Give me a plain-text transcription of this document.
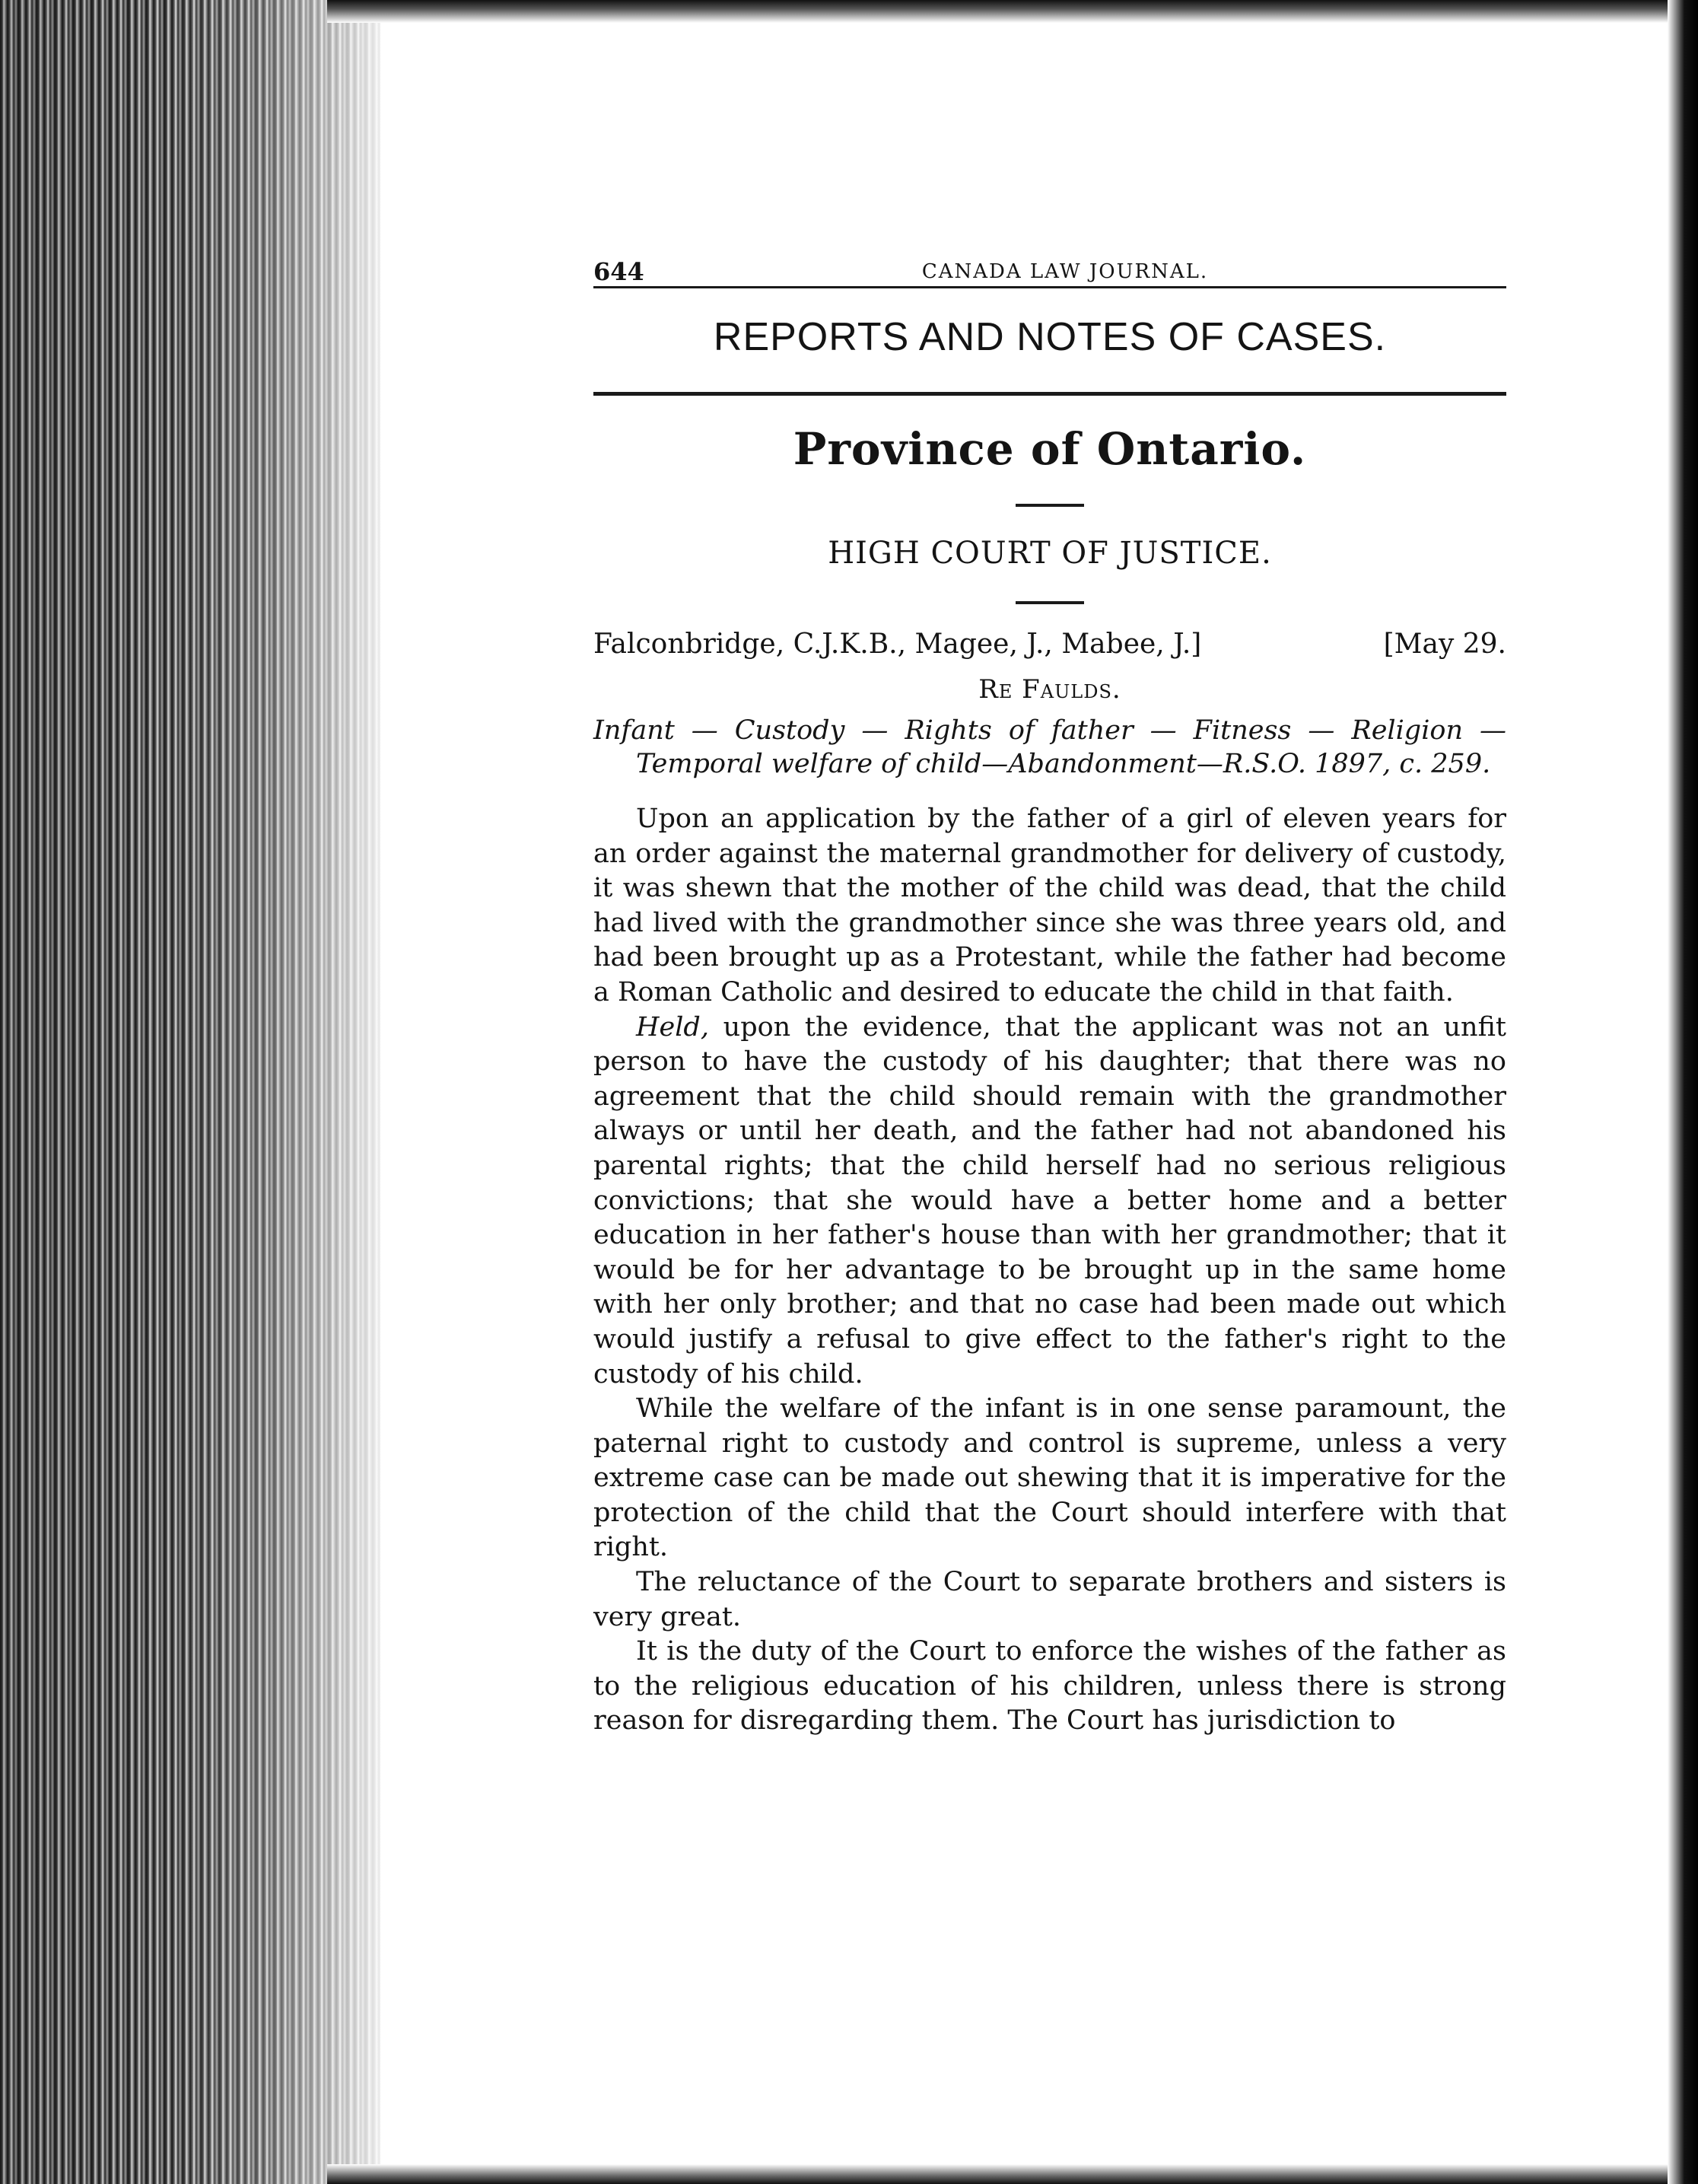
644	CANADA LAW JOURNAL.
REPORTS AND NOTES OF CASES.
Province of Ontario.
HIGH COURT OF JUSTICE.
Falconbridge, C.J.K.B., Magee, J., Mabee, J.]	[May 29.
Re Faulds.

Infant — Custody — Rights of father — Fitness — Religion — Temporal welfare of child—Abandonment—R.S.O. 1897, c. 259.

Upon an application by the father of a girl of eleven years for an order against the maternal grandmother for delivery of custody, it was shewn that the mother of the child was dead, that the child had lived with the grandmother since she was three years old, and had been brought up as a Protestant, while the father had become a Roman Catholic and desired to educate the child in that faith.

Held, upon the evidence, that the applicant was not an unfit person to have the custody of his daughter; that there was no agreement that the child should remain with the grandmother always or until her death, and the father had not abandoned his parental rights; that the child herself had no serious religious convictions; that she would have a better home and a better education in her father's house than with her grandmother; that it would be for her advantage to be brought up in the same home with her only brother; and that no case had been made out which would justify a refusal to give effect to the father's right to the custody of his child.

While the welfare of the infant is in one sense paramount, the paternal right to custody and control is supreme, unless a very extreme case can be made out shewing that it is imperative for the protection of the child that the Court should interfere with that right.

The reluctance of the Court to separate brothers and sisters is very great.

It is the duty of the Court to enforce the wishes of the father as to the religious education of his children, unless there is strong reason for disregarding them. The Court has jurisdiction to
